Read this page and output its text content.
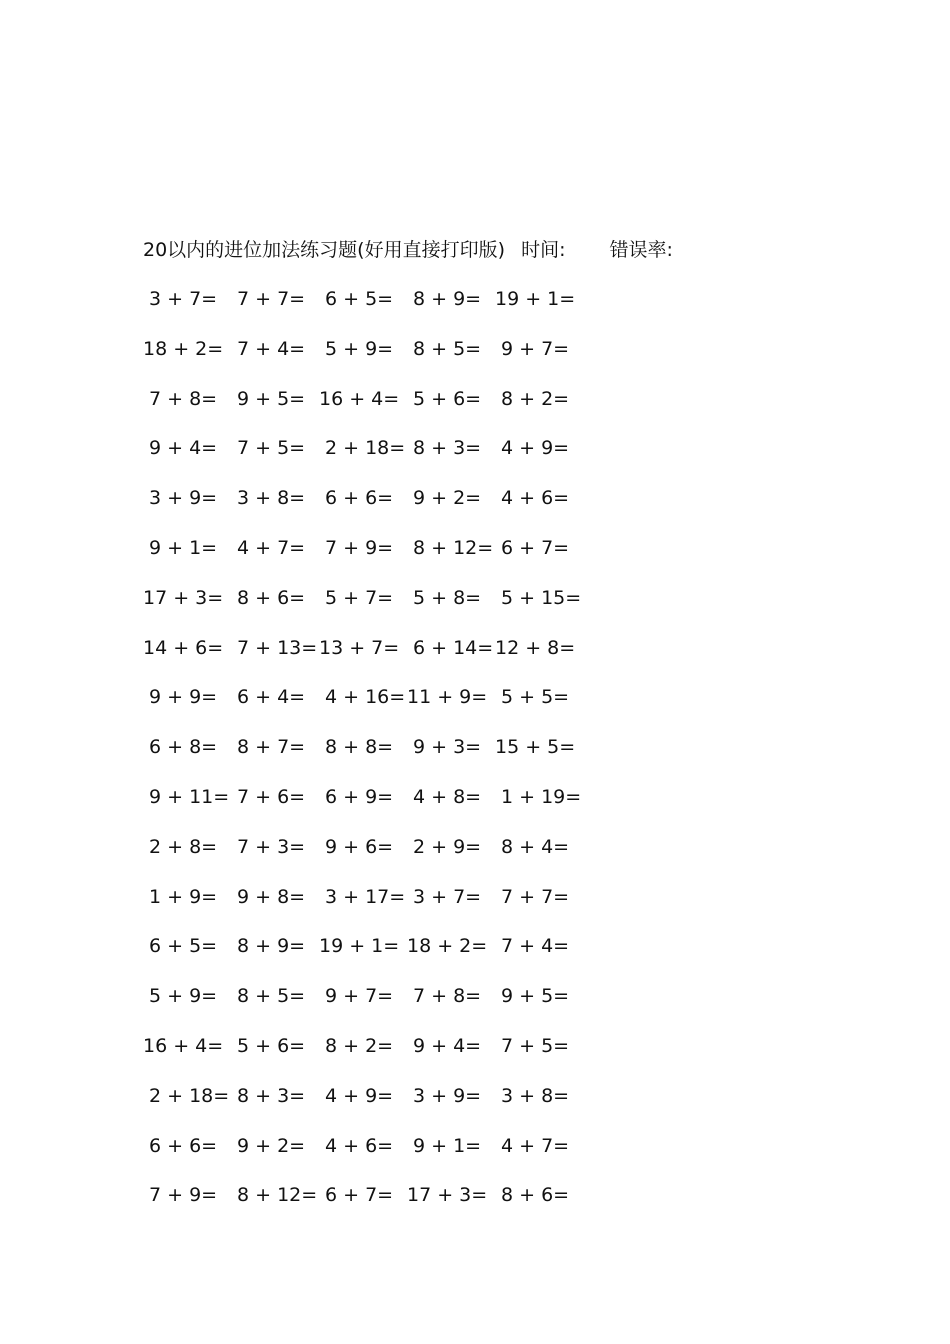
20以内的进位加法练习题(好用直接打印版) 时间: 错误率:
3 + 7= 7 + 7= 6 + 5= 8 + 9= 19 + 1=
18 + 2= 7 + 4= 5 + 9= 8 + 5= 9 + 7=
7 + 8= 9 + 5= 16 + 4= 5 + 6= 8 + 2=
9 + 4= 7 + 5= 2 + 18= 8 + 3= 4 + 9=
3 + 9= 3 + 8= 6 + 6= 9 + 2= 4 + 6=
9 + 1= 4 + 7= 7 + 9= 8 + 12= 6 + 7=
17 + 3= 8 + 6= 5 + 7= 5 + 8= 5 + 15=
14 + 6= 7 + 13= 13 + 7= 6 + 14= 12 + 8=
9 + 9= 6 + 4= 4 + 16= 11 + 9= 5 + 5=
6 + 8= 8 + 7= 8 + 8= 9 + 3= 15 + 5=
9 + 11= 7 + 6= 6 + 9= 4 + 8= 1 + 19=
2 + 8= 7 + 3= 9 + 6= 2 + 9= 8 + 4=
1 + 9= 9 + 8= 3 + 17= 3 + 7= 7 + 7=
6 + 5= 8 + 9= 19 + 1= 18 + 2= 7 + 4=
5 + 9= 8 + 5= 9 + 7= 7 + 8= 9 + 5=
16 + 4= 5 + 6= 8 + 2= 9 + 4= 7 + 5=
2 + 18= 8 + 3= 4 + 9= 3 + 9= 3 + 8=
6 + 6= 9 + 2= 4 + 6= 9 + 1= 4 + 7=
7 + 9= 8 + 12= 6 + 7= 17 + 3= 8 + 6=
